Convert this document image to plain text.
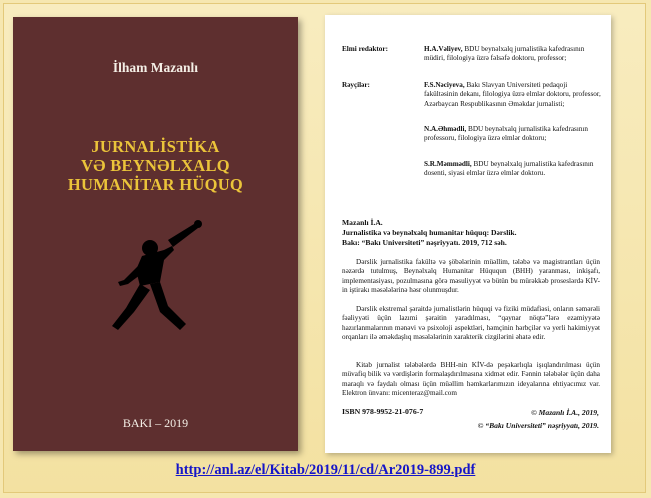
İlham Mazanlı
JURNALİSTİKA
VƏ BEYNƏLXALQ
HUMANİTAR HÜQUQ
BAKI – 2019
Elmi redaktor:	H.A.Vəliyev, BDU beynəlxalq jurnalistika kafedrasının müdiri, filologiya üzrə fəlsəfə doktoru, professor;
Rəyçilər:	F.S.Nəciyeva, Bakı Slavyan Universiteti pedaqoji fakültəsinin dekanı, filologiya üzrə elmlər doktoru, professor, Azərbaycan Respublikasının Əməkdar jurnalisti;
N.A.Əhmədli, BDU beynəlxalq jurnalistika kafedrasının professoru, filologiya üzrə elmlər doktoru;
S.R.Məmmədli, BDU beynəlxalq jurnalistika kafedrasının dosenti, siyasi elmlər üzrə elmlər doktoru.
Mazanlı İ.A.
Jurnalistika və beynəlxalq humanitar hüquq: Dərslik.
Bakı: “Bakı Universiteti” nəşriyyatı. 2019, 712 səh.
Dərslik jurnalistika fakültə və şöbələrinin müəllim, tələbə və magistrantları üçün nəzərdə tutulmuş, Beynəlxalq Humanitar Hüququn (BHH) yaranması, inkişafı, implementasiyası, pozulmasına görə məsuliyyət və bütün bu mürəkkəb proseslərdə KİV-in iştirakı məsələlərinə həsr olunmuşdur.
Dərslik ekstremal şəraitdə jurnalistlərin hüquqi və fiziki müdafiəsi, onların səmərəli fəaliyyəti üçün lazımi şəraitin yaradılması, “qaynar nöqtə”lərə ezamiyyətə hazırlanmalarının mənəvi və psixoloji aspektləri, həmçinin hərbçilər və yerli hakimiyyət orqanları ilə əməkdaşlıq məsələlərinin xarakterik cizgilərini əhatə edir.
Kitab jurnalist tələbələrdə BHH-nin KİV-də peşəkarlıqla işıqlandırılması üçün müvafiq bilik və vərdişlərin formalaşdırılmasına xidmət edir. Fənnin tələbələr üçün daha maraqlı və faydalı olması üçün müəllim həmkarlarımızın ideyalarına ehtiyacımız var. Elektron ünvanı: micenteraz@mail.com
ISBN 978-9952-21-076-7	© Mazanlı İ.A., 2019,
© “Bakı Universiteti” nəşriyyatı, 2019.
http://anl.az/el/Kitab/2019/11/cd/Ar2019-899.pdf
